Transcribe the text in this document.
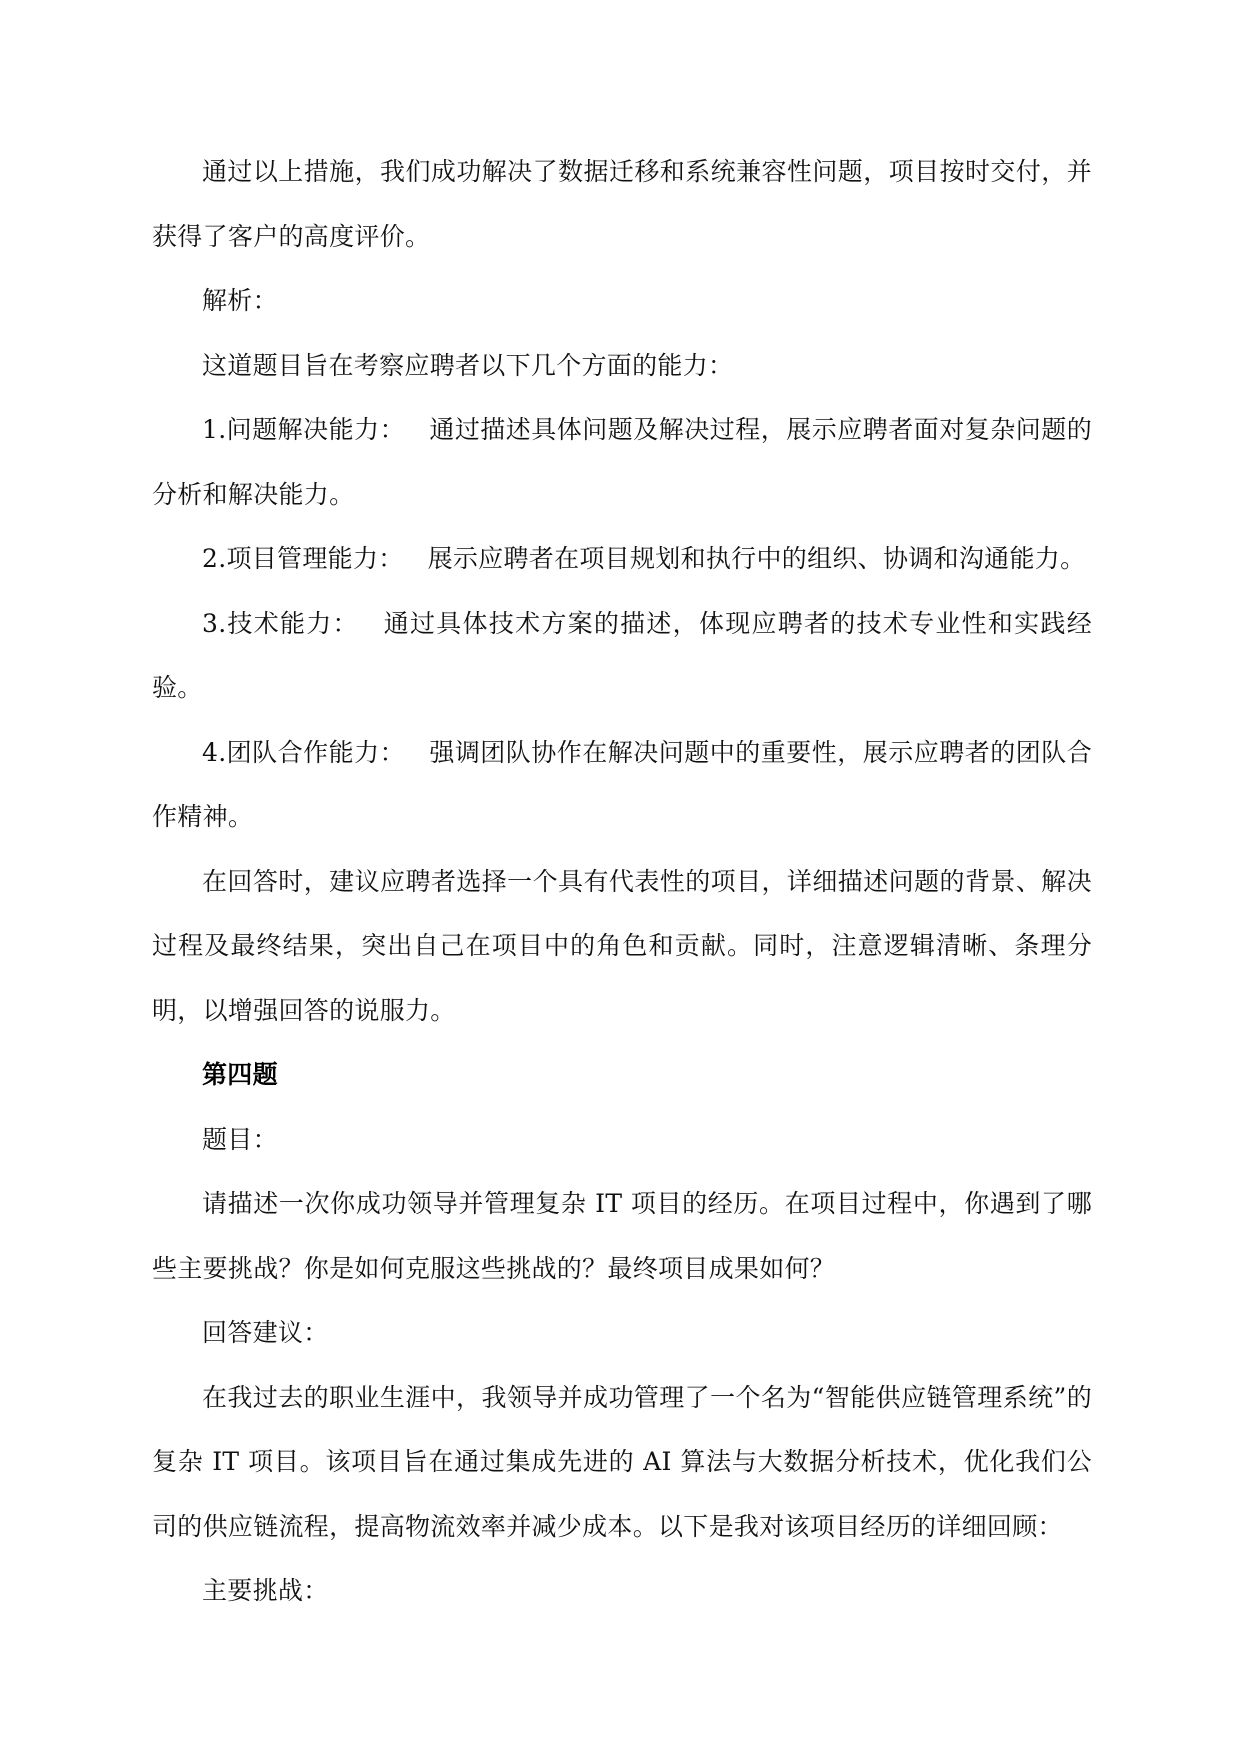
通过以上措施，我们成功解决了数据迁移和系统兼容性问题，项目按时交付，并获得了客户的高度评价。

解析：

这道题目旨在考察应聘者以下几个方面的能力：

1.问题解决能力： 通过描述具体问题及解决过程，展示应聘者面对复杂问题的分析和解决能力。

2.项目管理能力： 展示应聘者在项目规划和执行中的组织、协调和沟通能力。

3.技术能力： 通过具体技术方案的描述，体现应聘者的技术专业性和实践经验。

4.团队合作能力： 强调团队协作在解决问题中的重要性，展示应聘者的团队合作精神。

在回答时，建议应聘者选择一个具有代表性的项目，详细描述问题的背景、解决过程及最终结果，突出自己在项目中的角色和贡献。同时，注意逻辑清晰、条理分明，以增强回答的说服力。

第四题

题目：

请描述一次你成功领导并管理复杂 IT 项目的经历。在项目过程中，你遇到了哪些主要挑战？你是如何克服这些挑战的？最终项目成果如何？

回答建议：

在我过去的职业生涯中，我领导并成功管理了一个名为“智能供应链管理系统”的复杂 IT 项目。该项目旨在通过集成先进的 AI 算法与大数据分析技术，优化我们公司的供应链流程，提高物流效率并减少成本。以下是我对该项目经历的详细回顾：

主要挑战：
